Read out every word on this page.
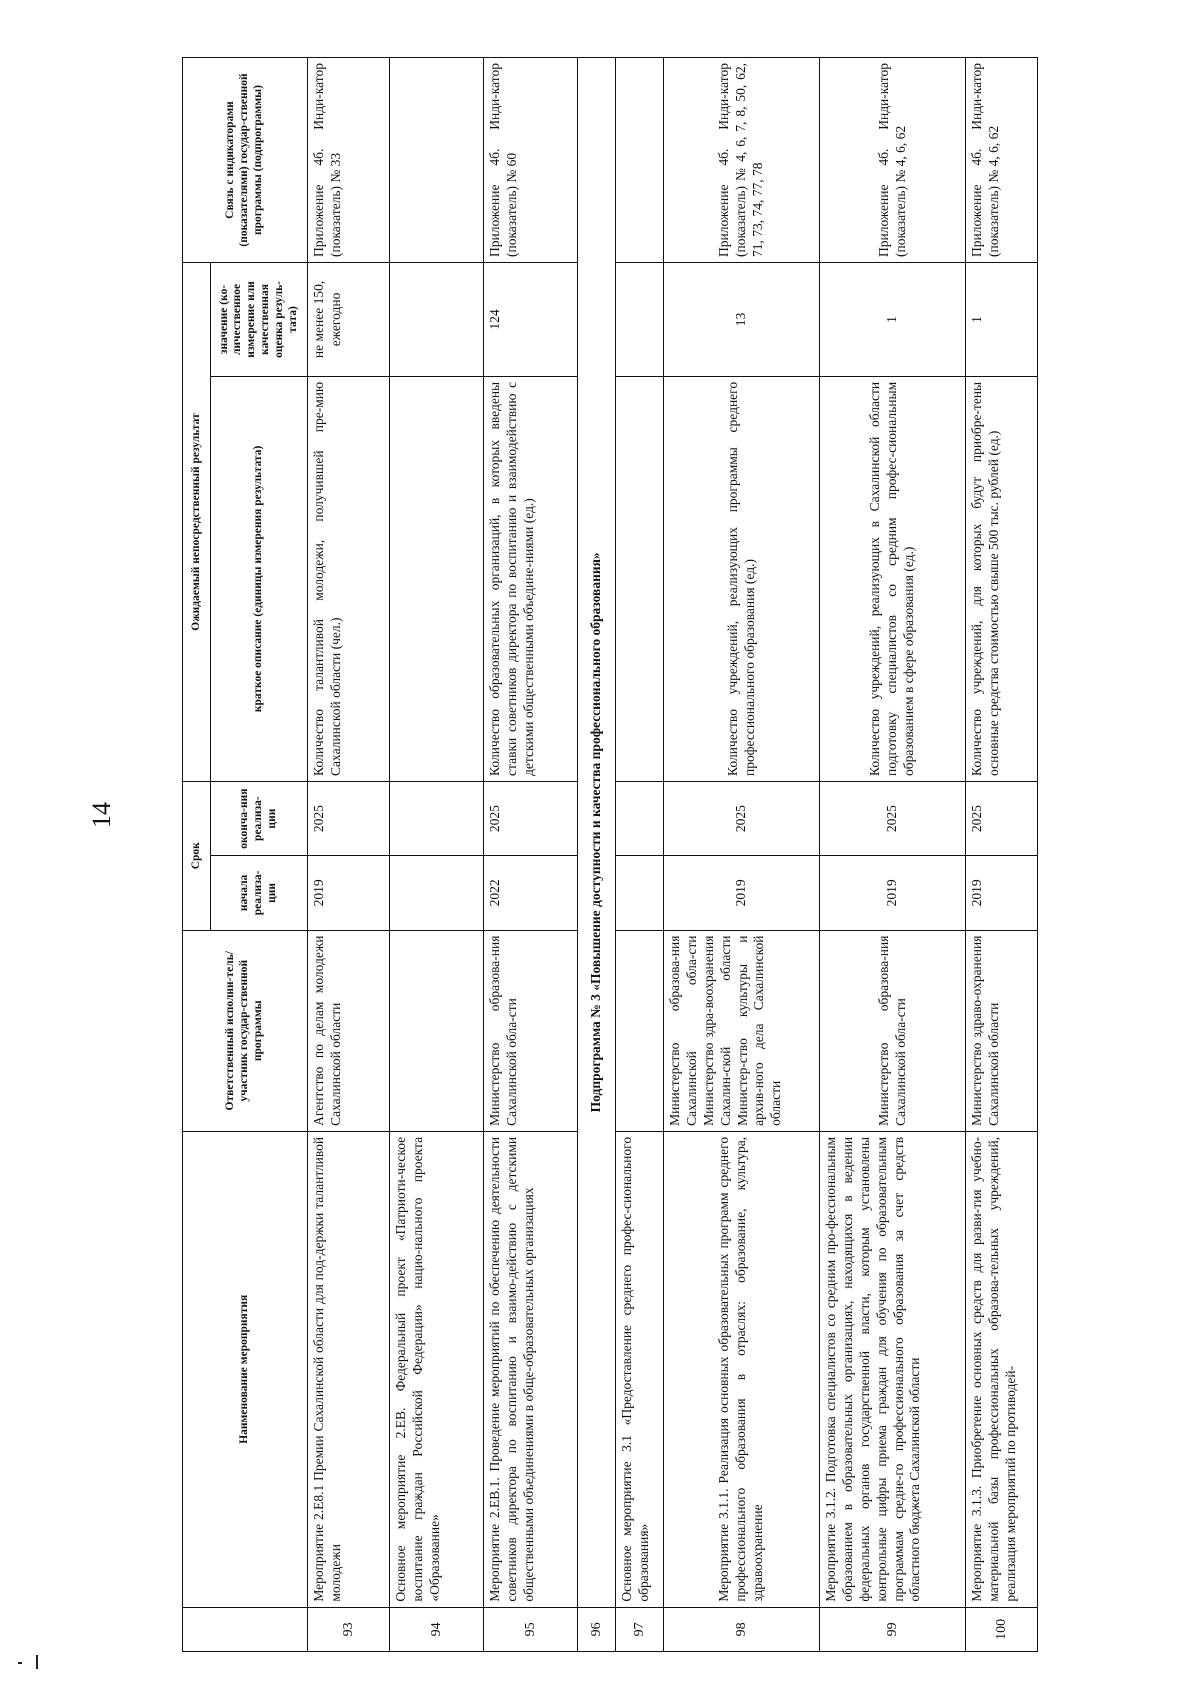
14
	Наименование мероприятия	Ответственный исполни-тель/участник государ-ственной программы	Срок		Ожидаемый непосредственный результат		Связь с индикаторами (показателями) государ-ственной программы (подпрограммы)
			начала реализа-ции	оконча-ния реализа-ции	краткое описание (единицы измерения результата)	значение (ко-личественное измерение или качественная оценка резуль-тата)	

93	Мероприятие 2.E8.1 Премии Сахалинской области для под-держки талантливой молодежи	Агентство по делам молодежи Сахалинской области	2019	2025	Количество талантливой молодежи, получившей пре-мию Сахалинской области (чел.)	не менее 150, ежегодно	Приложение 4б. Инди-катор (показатель) № 33
94	Основное мероприятие 2.EВ. Федеральный проект «Патриоти-ческое воспитание граждан Российской Федерации» нацио-нального проекта «Образование»						
95	Мероприятие 2.EВ.1. Проведение мероприятий по обеспечению деятельности советников директора по воспитанию и взаимо-действию с детскими общественными объединениями в обще-образовательных организациях	Министерство образова-ния Сахалинской обла-сти	2022	2025	Количество образовательных организаций, в которых введены ставки советников директора по воспитанию и взаимодействию с детскими общественными объедине-ниями (ед.)	124	Приложение 4б. Инди-катор (показатель) № 60
96	Подпрограмма № 3 «Повышение доступности и качества профессионального образования»						
97	Основное мероприятие 3.1 «Предоставление среднего профес-сионального образования»						
98	Мероприятие 3.1.1. Реализация основных образовательных программ среднего профессионального образования в отраслях: образование, культура, здравоохранение	Министерство образова-ния Сахалинской обла-сти Министерство здра-воохранения Сахалин-ской области Министер-ство культуры и архив-ного дела Сахалинской области	2019	2025	Количество учреждений, реализующих программы среднего профессионального образования (ед.)	13	Приложение 4б. Инди-катор (показатель) № 4, 6, 7, 8, 50, 62, 71, 73, 74, 77, 78
99	Мероприятие 3.1.2. Подготовка специалистов со средним про-фессиональным образованием в образовательных организациях, находящихся в ведении федеральных органов государственной власти, которым установлены контрольные цифры приема граждан для обучения по образовательным программам средне-го профессионального образования за счет средств областного бюджета Сахалинской области	Министерство образова-ния Сахалинской обла-сти	2019	2025	Количество учреждений, реализующих в Сахалинской области подготовку специалистов со средним профес-сиональным образованием в сфере образования (ед.)	1	Приложение 4б. Инди-катор (показатель) № 4, 6, 62
100	Мероприятие 3.1.3. Приобретение основных средств для разви-тия учебно-материальной базы профессиональных образова-тельных учреждений, реализация мероприятий по противодей-	Министерство здраво-охранения Сахалинской области	2019	2025	Количество учреждений, для которых будут приобре-тены основные средства стоимостью свыше 500 тыс. рублей (ед.)	1	Приложение 4б. Инди-катор (показатель) № 4, 6, 62
